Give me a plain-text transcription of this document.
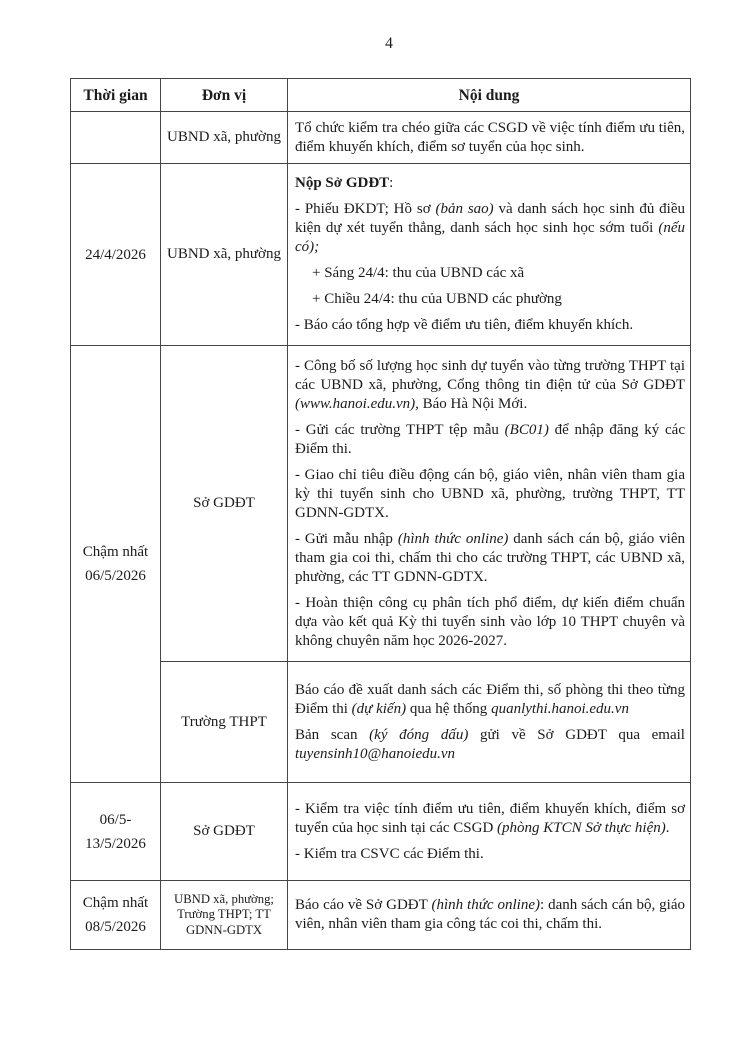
4
Thời gian	Đơn vị	Nội dung
	UBND xã, phường	Tổ chức kiểm tra chéo giữa các CSGD về việc tính điểm ưu tiên, điểm khuyến khích, điểm sơ tuyển của học sinh.

24/4/2026	UBND xã, phường	Nộp Sở GDĐT:
- Phiếu ĐKDT; Hồ sơ (bản sao) và danh sách học sinh đủ điều kiện dự xét tuyển thẳng, danh sách học sinh học sớm tuổi (nếu có);
+ Sáng 24/4: thu của UBND các xã
+ Chiều 24/4: thu của UBND các phường
- Báo cáo tổng hợp về điểm ưu tiên, điểm khuyến khích.

Chậm nhất 06/5/2026	Sở GDĐT	- Công bố số lượng học sinh dự tuyển vào từng trường THPT tại các UBND xã, phường, Cổng thông tin điện tử của Sở GDĐT (www.hanoi.edu.vn), Báo Hà Nội Mới.
- Gửi các trường THPT tệp mẫu (BC01) để nhập đăng ký các Điểm thi.
- Giao chỉ tiêu điều động cán bộ, giáo viên, nhân viên tham gia kỳ thi tuyển sinh cho UBND xã, phường, trường THPT, TT GDNN-GDTX.
- Gửi mẫu nhập (hình thức online) danh sách cán bộ, giáo viên tham gia coi thi, chấm thi cho các trường THPT, các UBND xã, phường, các TT GDNN-GDTX.
- Hoàn thiện công cụ phân tích phổ điểm, dự kiến điểm chuẩn dựa vào kết quả Kỳ thi tuyển sinh vào lớp 10 THPT chuyên và không chuyên năm học 2026-2027.

	Trường THPT	Báo cáo đề xuất danh sách các Điểm thi, số phòng thi theo từng Điểm thi (dự kiến) qua hệ thống quanlythi.hanoi.edu.vn
Bản scan (ký đóng dấu) gửi về Sở GDĐT qua email tuyensinh10@hanoiedu.vn

06/5-13/5/2026	Sở GDĐT	- Kiểm tra việc tính điểm ưu tiên, điểm khuyến khích, điểm sơ tuyển của học sinh tại các CSGD (phòng KTCN Sở thực hiện).
- Kiểm tra CSVC các Điểm thi.

Chậm nhất 08/5/2026	UBND xã, phường; Trường THPT; TT GDNN-GDTX	Báo cáo về Sở GDĐT (hình thức online): danh sách cán bộ, giáo viên, nhân viên tham gia công tác coi thi, chấm thi.
